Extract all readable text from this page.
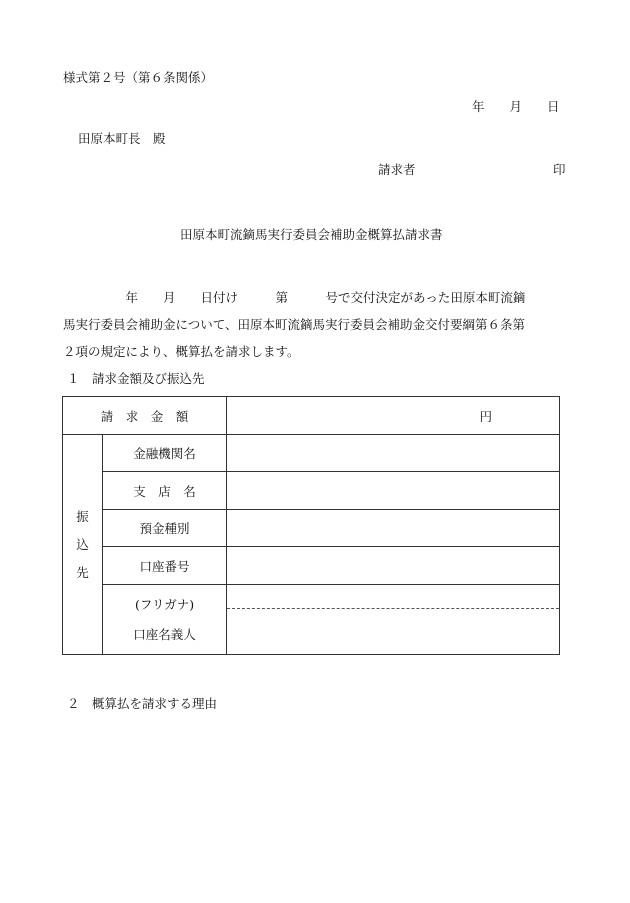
様式第２号（第６条関係）
年　　月　　日
田原本町長　殿
請求者	印
田原本町流鏑馬実行委員会補助金概算払請求書
　　　　　年　　月　　日付け　　　第　　　号で交付決定があった田原本町流鏑
馬実行委員会補助金について、田原本町流鏑馬実行委員会補助金交付要綱第６条第
２項の規定により、概算払を請求します。
１　請求金額及び振込先
請　求　金　額		円

振
込
先	金融機関名	
	支　店　名	
	預金種別	
	口座番号	

	(フリガナ)
口座名義人	

２　概算払を請求する理由
